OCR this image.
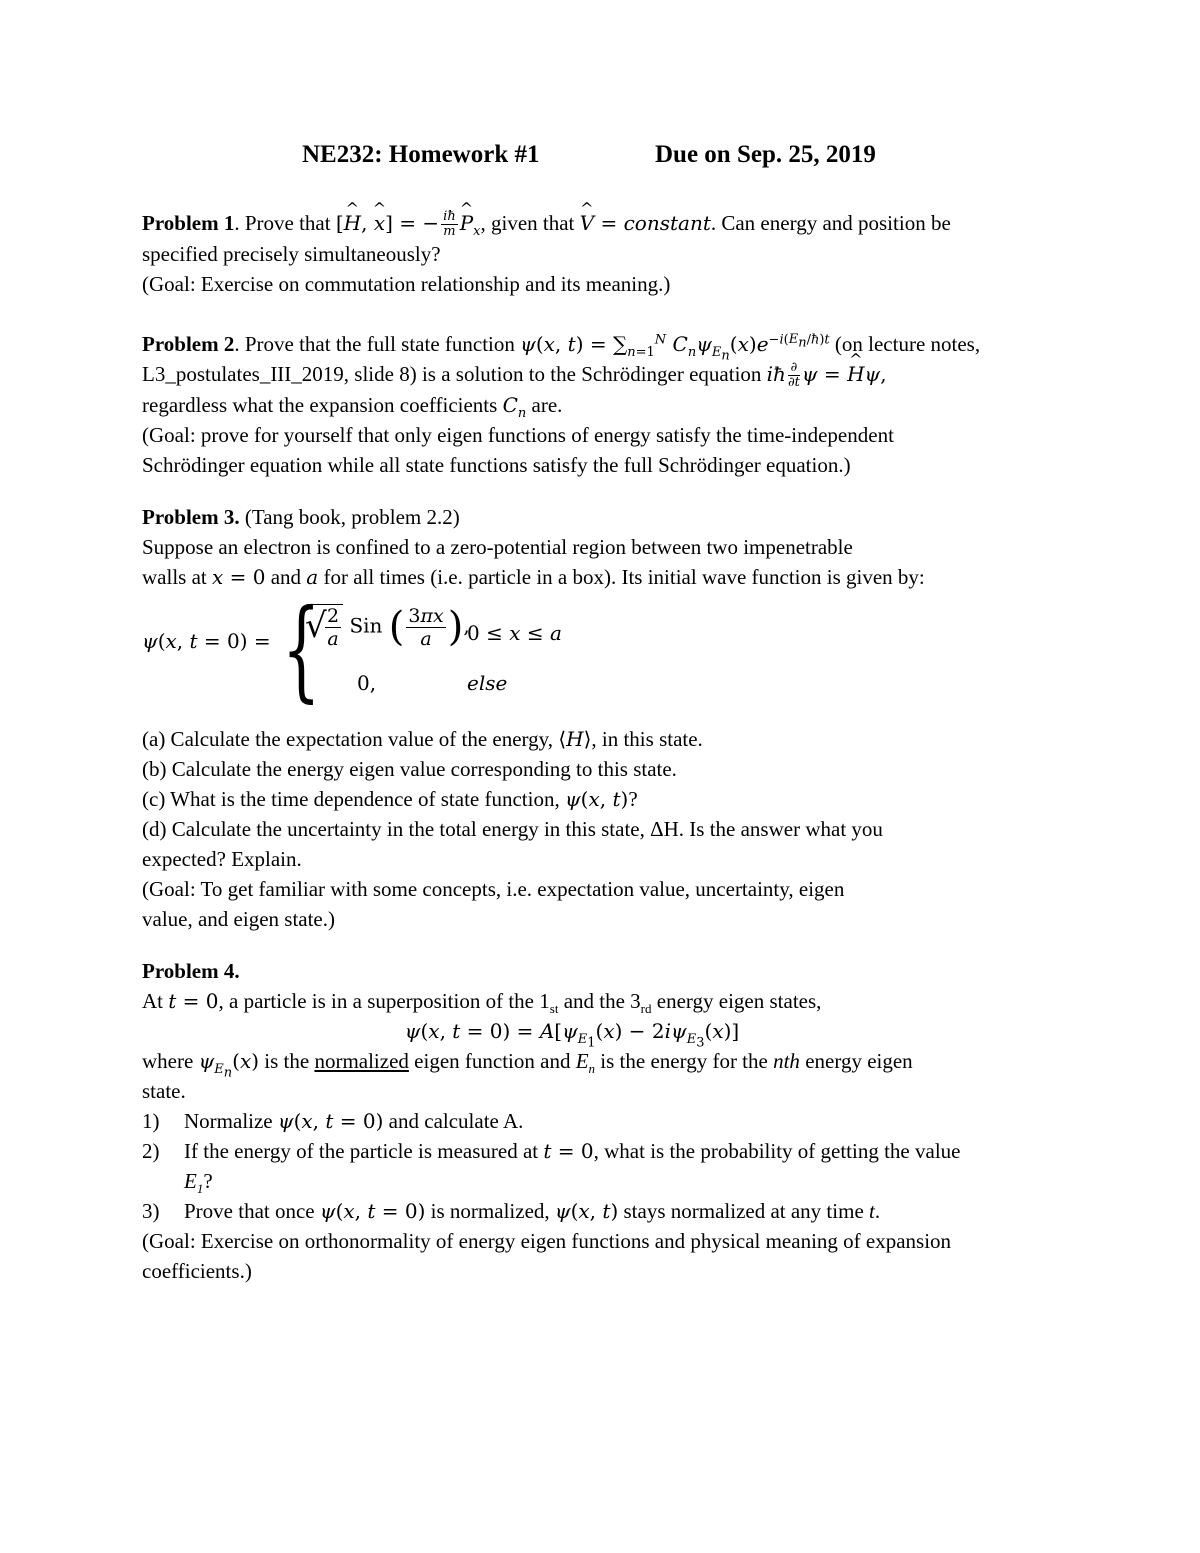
NE232: Homework #1	Due on Sep. 25, 2019

Problem 1. Prove that [^ H, ^ x] = − $\frac{iħ}{m}$ ^ $P_x$, given that ^ V = constant. Can energy and position be

specified precisely simultaneously?

(Goal: Exercise on commutation relationship and its meaning.)

Problem 2. Prove that the full state function ψ(x, $t) = \sum_{n=1}^N$ $C_n\psi_{E_n}(x)e^{-i(E_n/ħ)t}$ (on lecture notes,

L3_postulates_III_2019, slide 8) is a solution to the Schrödinger equation iħ $\frac{\partial}{\partial t}$ ψ = ^ Hψ,

regardless what the expansion coefficients $C_n$ are.

(Goal: prove for yourself that only eigen functions of energy satisfy the time-independent

Schrödinger equation while all state functions satisfy the full Schrödinger equation.)

Problem 3. (Tang book, problem 2.2)

Suppose an electron is confined to a zero-potential region between two impenetrable

walls at x = 0 and a for all times (i.e. particle in a box). Its initial wave function is given by:

ψ(x, t = 0) = { √ $\frac{2}{a}$ Sin ( $\frac{3\pi x}{a}$ ),
0 ≤ x ≤ a
0,	else

(a) Calculate the expectation value of the energy, ⟨H⟩, in this state.

(b) Calculate the energy eigen value corresponding to this state.

(c) What is the time dependence of state function, ψ(x, t)?

(d) Calculate the uncertainty in the total energy in this state, ΔH. Is the answer what you

expected? Explain.

(Goal: To get familiar with some concepts, i.e. expectation value, uncertainty, eigen

value, and eigen state.)

Problem 4.

At t = 0, a particle is in a superposition of the $1_{st}$ and the $3_{rd}$ energy eigen states,

ψ(x, $t = 0) = A[\psi_{E_1}(x) - 2i\psi_{E_3}(x)]$

where $\psi_{E_n}(x)$ is the normalized eigen function and $E_n$ is the energy for the nth energy eigen

state.

1) Normalize ψ(x, t = 0) and calculate A.

2) If the energy of the particle is measured at t = 0, what is the probability of getting the value

$E_1$?

3) Prove that once ψ(x, t = 0) is normalized, ψ(x, t) stays normalized at any time t.

(Goal: Exercise on orthonormality of energy eigen functions and physical meaning of expansion

coefficients.)
